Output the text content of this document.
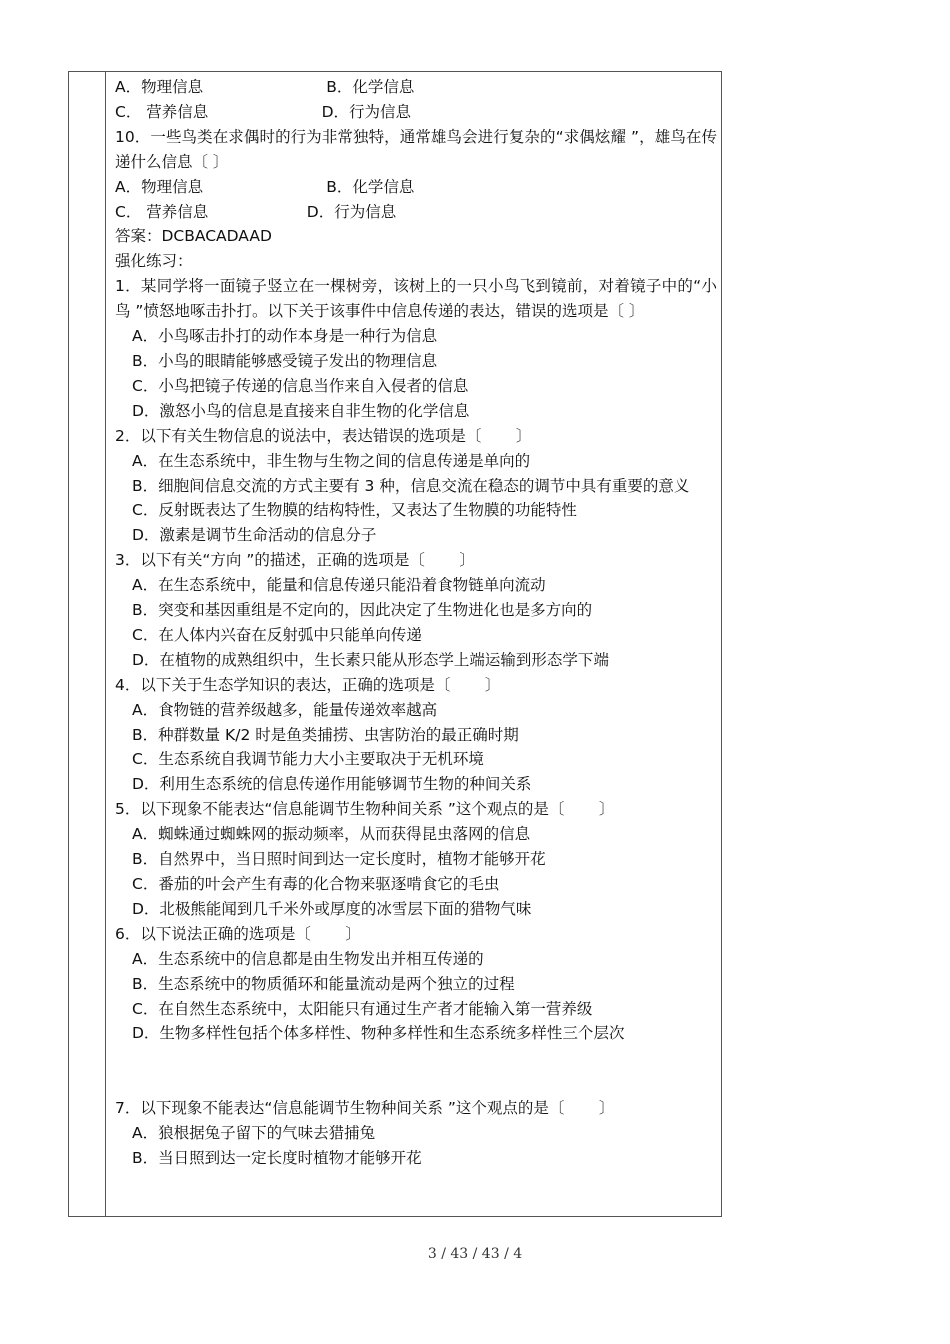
A．物理信息                         B．化学信息
C． 营养信息                       D．行为信息
10．一些鸟类在求偶时的行为非常独特，通常雄鸟会进行复杂的“求偶炫耀 ”，雄鸟在传递什么信息〔 〕
A．物理信息                         B．化学信息
C． 营养信息                    D．行为信息
答案：DCBACADAAD
强化练习：
1．某同学将一面镜子竖立在一棵树旁，该树上的一只小鸟飞到镜前，对着镜子中的“小鸟 ”愤怒地啄击扑打。以下关于该事件中信息传递的表达，错误的选项是〔 〕
A．小鸟啄击扑打的动作本身是一种行为信息
B．小鸟的眼睛能够感受镜子发出的物理信息
C．小鸟把镜子传递的信息当作来自入侵者的信息
D．激怒小鸟的信息是直接来自非生物的化学信息
2．以下有关生物信息的说法中，表达错误的选项是〔       〕
A．在生态系统中，非生物与生物之间的信息传递是单向的
B．细胞间信息交流的方式主要有 3 种，信息交流在稳态的调节中具有重要的意义
C．反射既表达了生物膜的结构特性，又表达了生物膜的功能特性
D．激素是调节生命活动的信息分子
3．以下有关“方向 ”的描述，正确的选项是〔       〕
A．在生态系统中，能量和信息传递只能沿着食物链单向流动
B．突变和基因重组是不定向的，因此决定了生物进化也是多方向的
C．在人体内兴奋在反射弧中只能单向传递
D．在植物的成熟组织中，生长素只能从形态学上端运输到形态学下端
4．以下关于生态学知识的表达，正确的选项是〔       〕
A．食物链的营养级越多，能量传递效率越高
B．种群数量 K/2 时是鱼类捕捞、虫害防治的最正确时期
C．生态系统自我调节能力大小主要取决于无机环境
D．利用生态系统的信息传递作用能够调节生物的种间关系
5．以下现象不能表达“信息能调节生物种间关系 ”这个观点的是〔       〕
A．蜘蛛通过蜘蛛网的振动频率，从而获得昆虫落网的信息
B．自然界中，当日照时间到达一定长度时，植物才能够开花
C．番茄的叶会产生有毒的化合物来驱逐啃食它的毛虫
D．北极熊能闻到几千米外或厚度的冰雪层下面的猎物气味
6．以下说法正确的选项是〔       〕
A．生态系统中的信息都是由生物发出并相互传递的
B．生态系统中的物质循环和能量流动是两个独立的过程
C．在自然生态系统中，太阳能只有通过生产者才能输入第一营养级
D．生物多样性包括个体多样性、物种多样性和生态系统多样性三个层次
7．以下现象不能表达“信息能调节生物种间关系 ”这个观点的是〔       〕
A．狼根据兔子留下的气味去猎捕兔
B．当日照到达一定长度时植物才能够开花
3 / 43 / 43 / 4
